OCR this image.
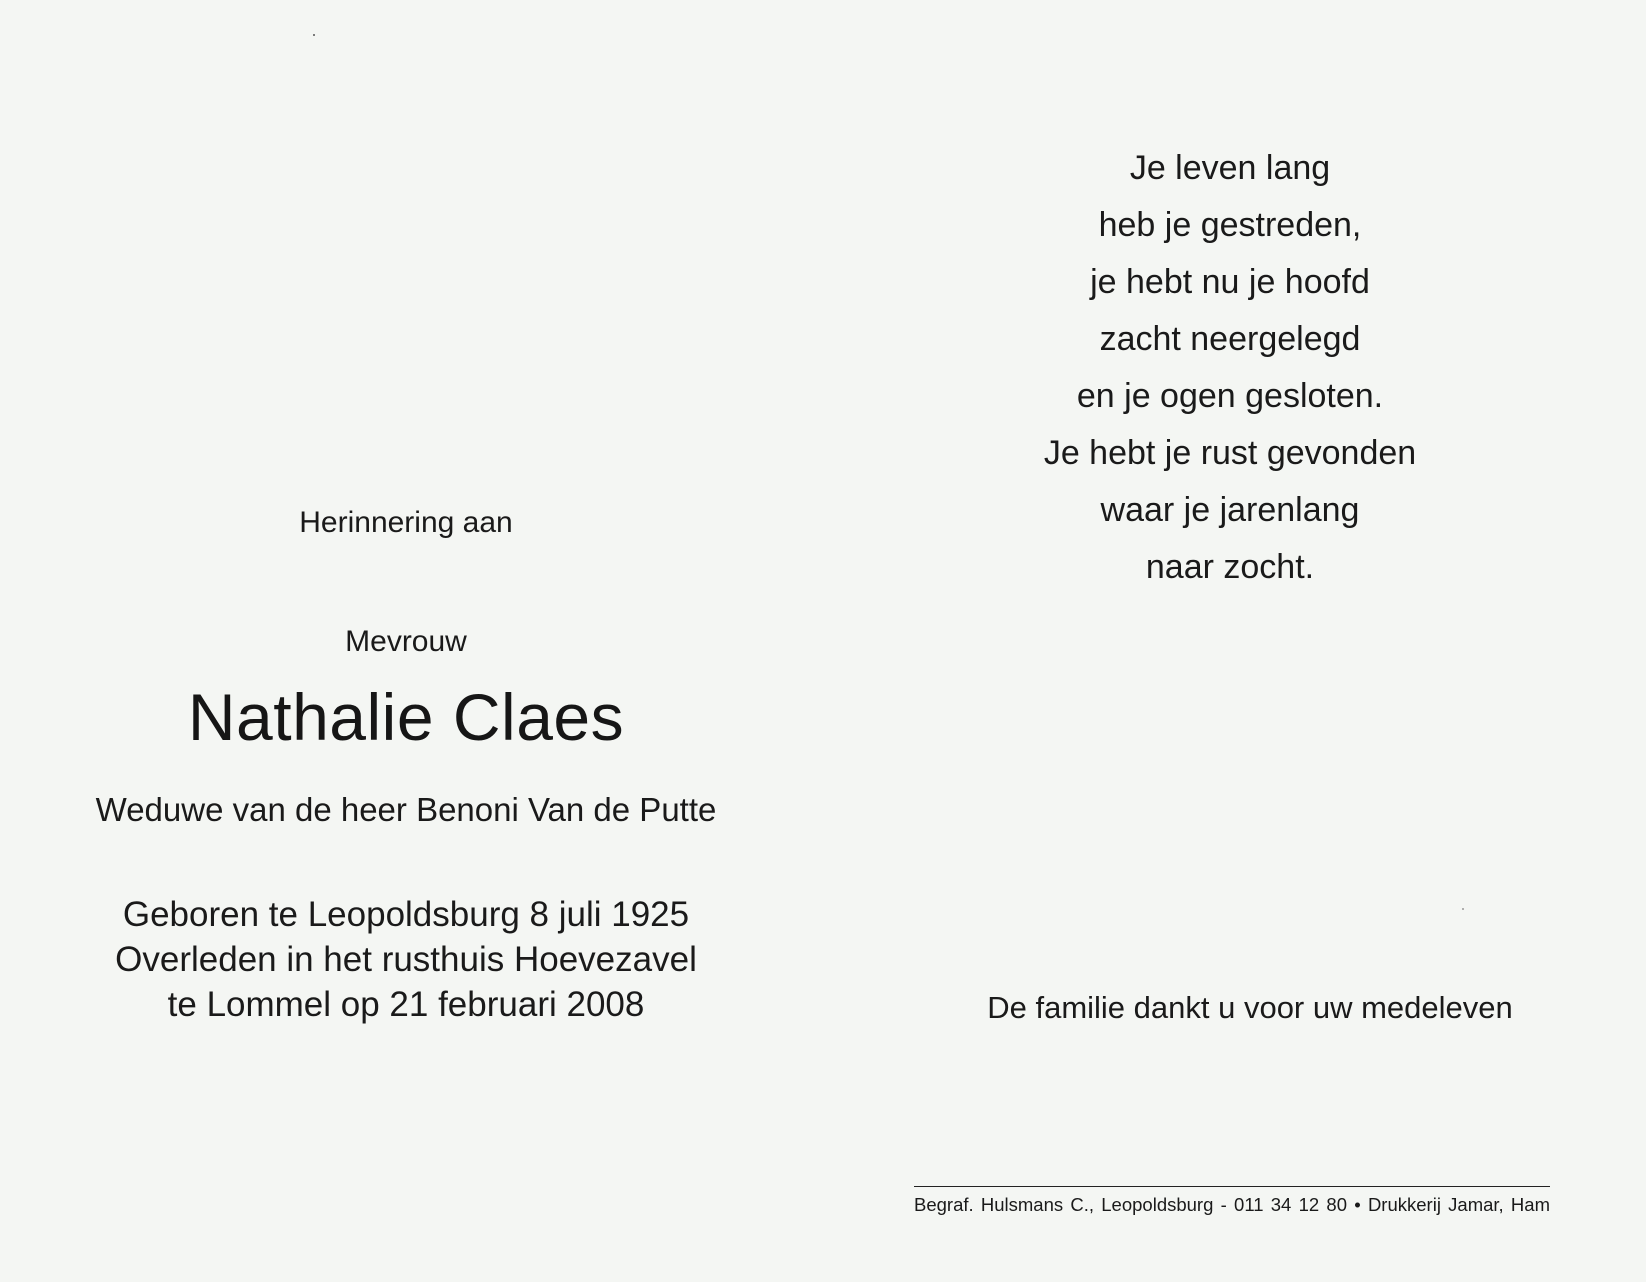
Herinnering aan
Mevrouw
Nathalie Claes
Weduwe van de heer Benoni Van de Putte
Geboren te Leopoldsburg 8 juli 1925
Overleden in het rusthuis Hoevezavel
te Lommel op 21 februari 2008
Je leven lang
heb je gestreden,
je hebt nu je hoofd
zacht neergelegd
en je ogen gesloten.
Je hebt je rust gevonden
waar je jarenlang
naar zocht.
De familie dankt u voor uw medeleven
Begraf. Hulsmans C., Leopoldsburg - 011 34 12 80 • Drukkerij Jamar, Ham
